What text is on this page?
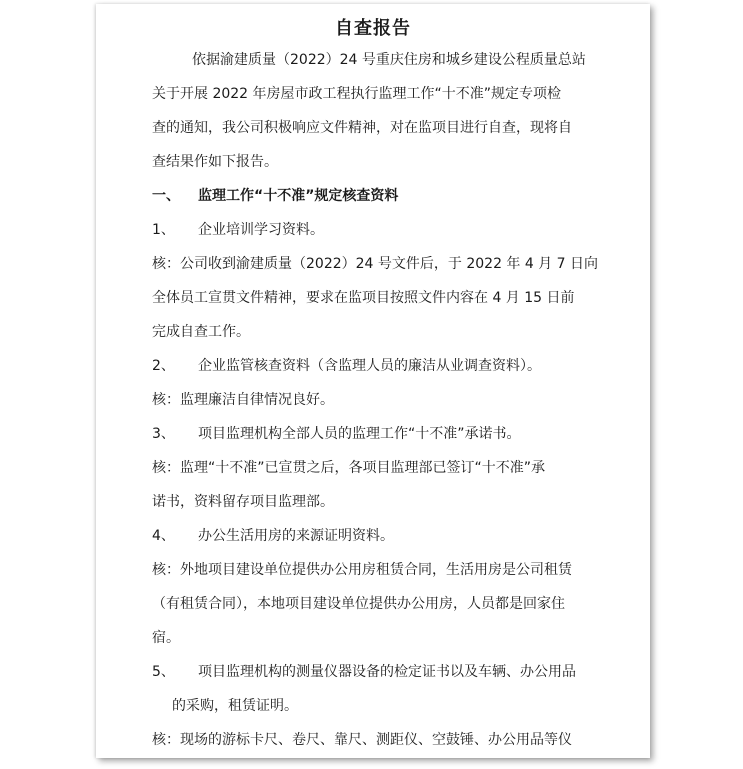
自查报告
依据渝建质量（2022）24 号重庆住房和城乡建设公程质量总站
关于开展 2022 年房屋市政工程执行监理工作“十不准”规定专项检
查的通知，我公司积极响应文件精神，对在监项目进行自查，现将自
查结果作如下报告。
一、 监理工作“十不准”规定核查资料
1、 企业培训学习资料。
核：公司收到渝建质量（2022）24 号文件后，于 2022 年 4 月 7 日向
全体员工宣贯文件精神，要求在监项目按照文件内容在 4 月 15 日前
完成自查工作。
2、 企业监管核查资料（含监理人员的廉洁从业调查资料）。
核：监理廉洁自律情况良好。
3、 项目监理机构全部人员的监理工作“十不准”承诺书。
核：监理“十不准”已宣贯之后，各项目监理部已签订“十不准”承
诺书，资料留存项目监理部。
4、 办公生活用房的来源证明资料。
核：外地项目建设单位提供办公用房租赁合同，生活用房是公司租赁
（有租赁合同），本地项目建设单位提供办公用房，人员都是回家住
宿。
5、 项目监理机构的测量仪器设备的检定证书以及车辆、办公用品
的采购，租赁证明。
核：现场的游标卡尺、卷尺、靠尺、测距仪、空鼓锤、办公用品等仪
